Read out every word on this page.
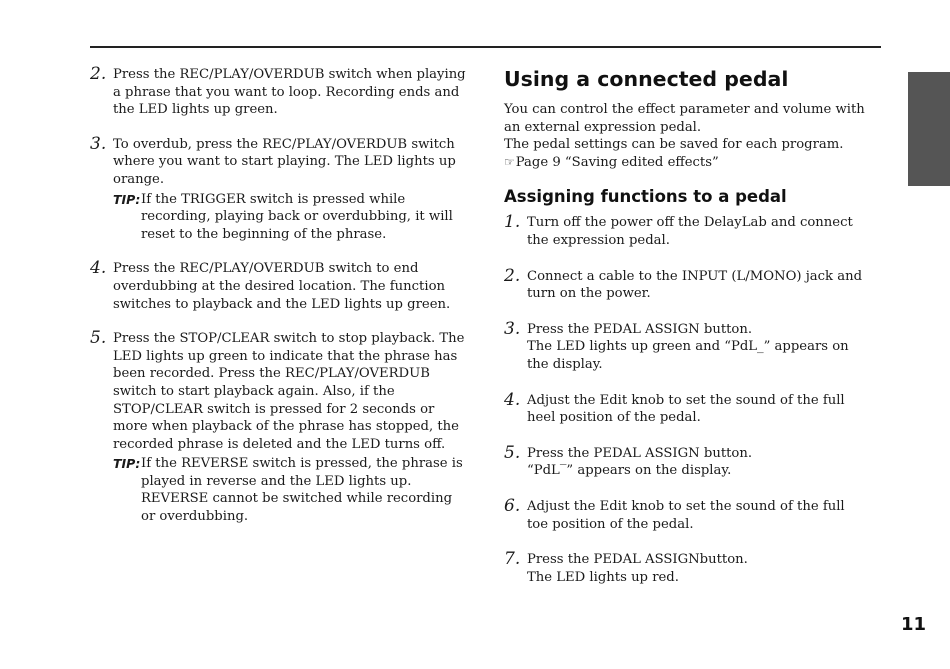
2. Press the REC/PLAY/OVERDUB switch when playing a phrase that you want to loop. Recording ends and the LED lights up green.

3. To overdub, press the REC/PLAY/OVERDUB switch where you want to start playing. The LED lights up orange.

TIP: If the TRIGGER switch is pressed while recording, playing back or overdubbing, it will reset to the beginning of the phrase.
4. Press the REC/PLAY/OVERDUB switch to end overdubbing at the desired location. The function switches to playback and the LED lights up green.

5. Press the STOP/CLEAR switch to stop playback. The LED lights up green to indicate that the phrase has been recorded. Press the REC/PLAY/OVERDUB switch to start playback again. Also, if the STOP/CLEAR switch is pressed for 2 seconds or more when playback of the phrase has stopped, the recorded phrase is deleted and the LED turns off.

TIP: If the REVERSE switch is pressed, the phrase is played in reverse and the LED lights up. REVERSE cannot be switched while recording or overdubbing.
Using a connected pedal

You can control the effect parameter and volume with an external expression pedal.

The pedal settings can be saved for each program.

☞Page 9 “Saving edited effects”

Assigning functions to a pedal
1. Turn off the power off the DelayLab and connect the expression pedal.

2. Connect a cable to the INPUT (L/MONO) jack and turn on the power.

3. Press the PEDAL ASSIGN button.

The LED lights up green and “PdL_” appears on the display.

4. Adjust the Edit knob to set the sound of the full heel position of the pedal.

5. Press the PEDAL ASSIGN button.

“PdL‾” appears on the display.

6. Adjust the Edit knob to set the sound of the full toe position of the pedal.

7. Press the PEDAL ASSIGNbutton.

The LED lights up red.

11
